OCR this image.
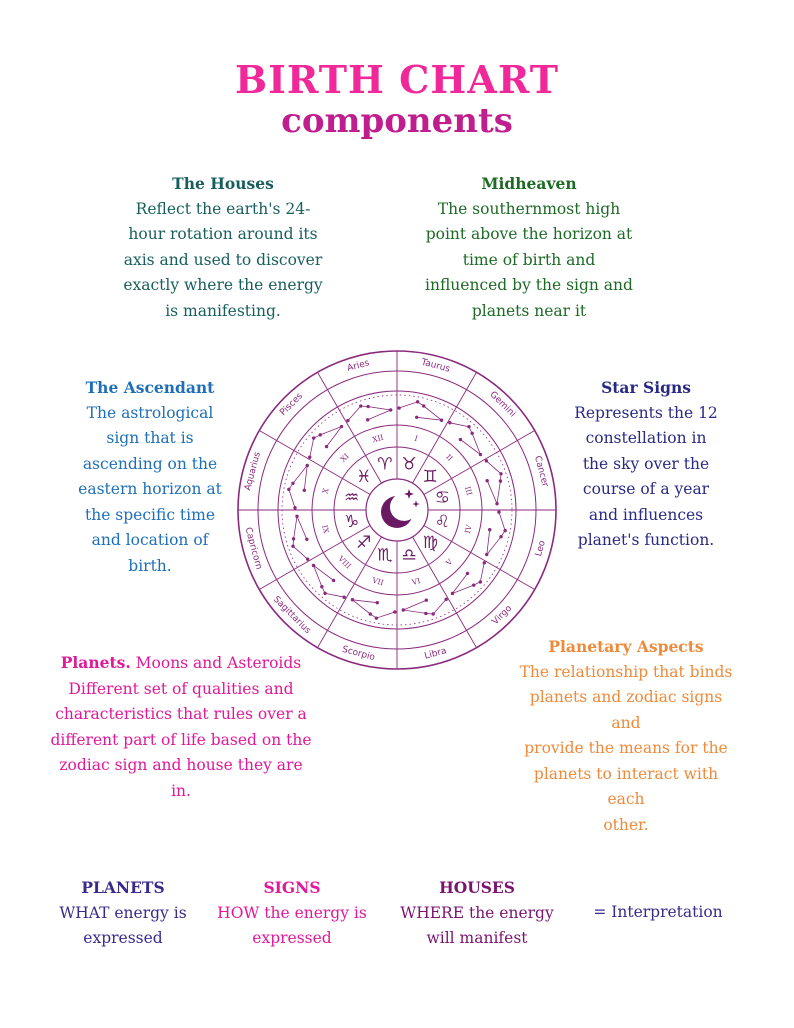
BIRTH CHART
components
The Houses
Reflect the earth's 24-
hour rotation around its
axis and used to discover
exactly where the energy
is manifesting.
Midheaven
The southernmost high
point above the horizon at
time of birth and
influenced by the sign and
planets near it
The Ascendant
The astrological
sign that is
ascending on the
eastern horizon at
the specific time
and location of
birth.
Star Signs
Represents the 12
constellation in
the sky over the
course of a year
and influences
planet's function.
Aries
XII
♈
Pisces
XI
♓
Aquarius	X ♒
Capricorn	IX ♑
Sagittarius
VIII
♐
Scorpio
VII
♏
Libra
VI
♎
Virgo
V
♍	Leo
IV
♌
Cancer
III
♋
Gemini
II
♊
Taurus
I
♉
Planets. Moons and Asteroids
Different set of qualities and
characteristics that rules over a
different part of life based on the
zodiac sign and house they are in.
Planetary Aspects
The relationship that binds
planets and zodiac signs and
provide the means for the
planets to interact with each
other.
PLANETS
WHAT energy is
expressed
SIGNS
HOW the energy is
expressed
HOUSES
WHERE the energy
will manifest
= Interpretation
